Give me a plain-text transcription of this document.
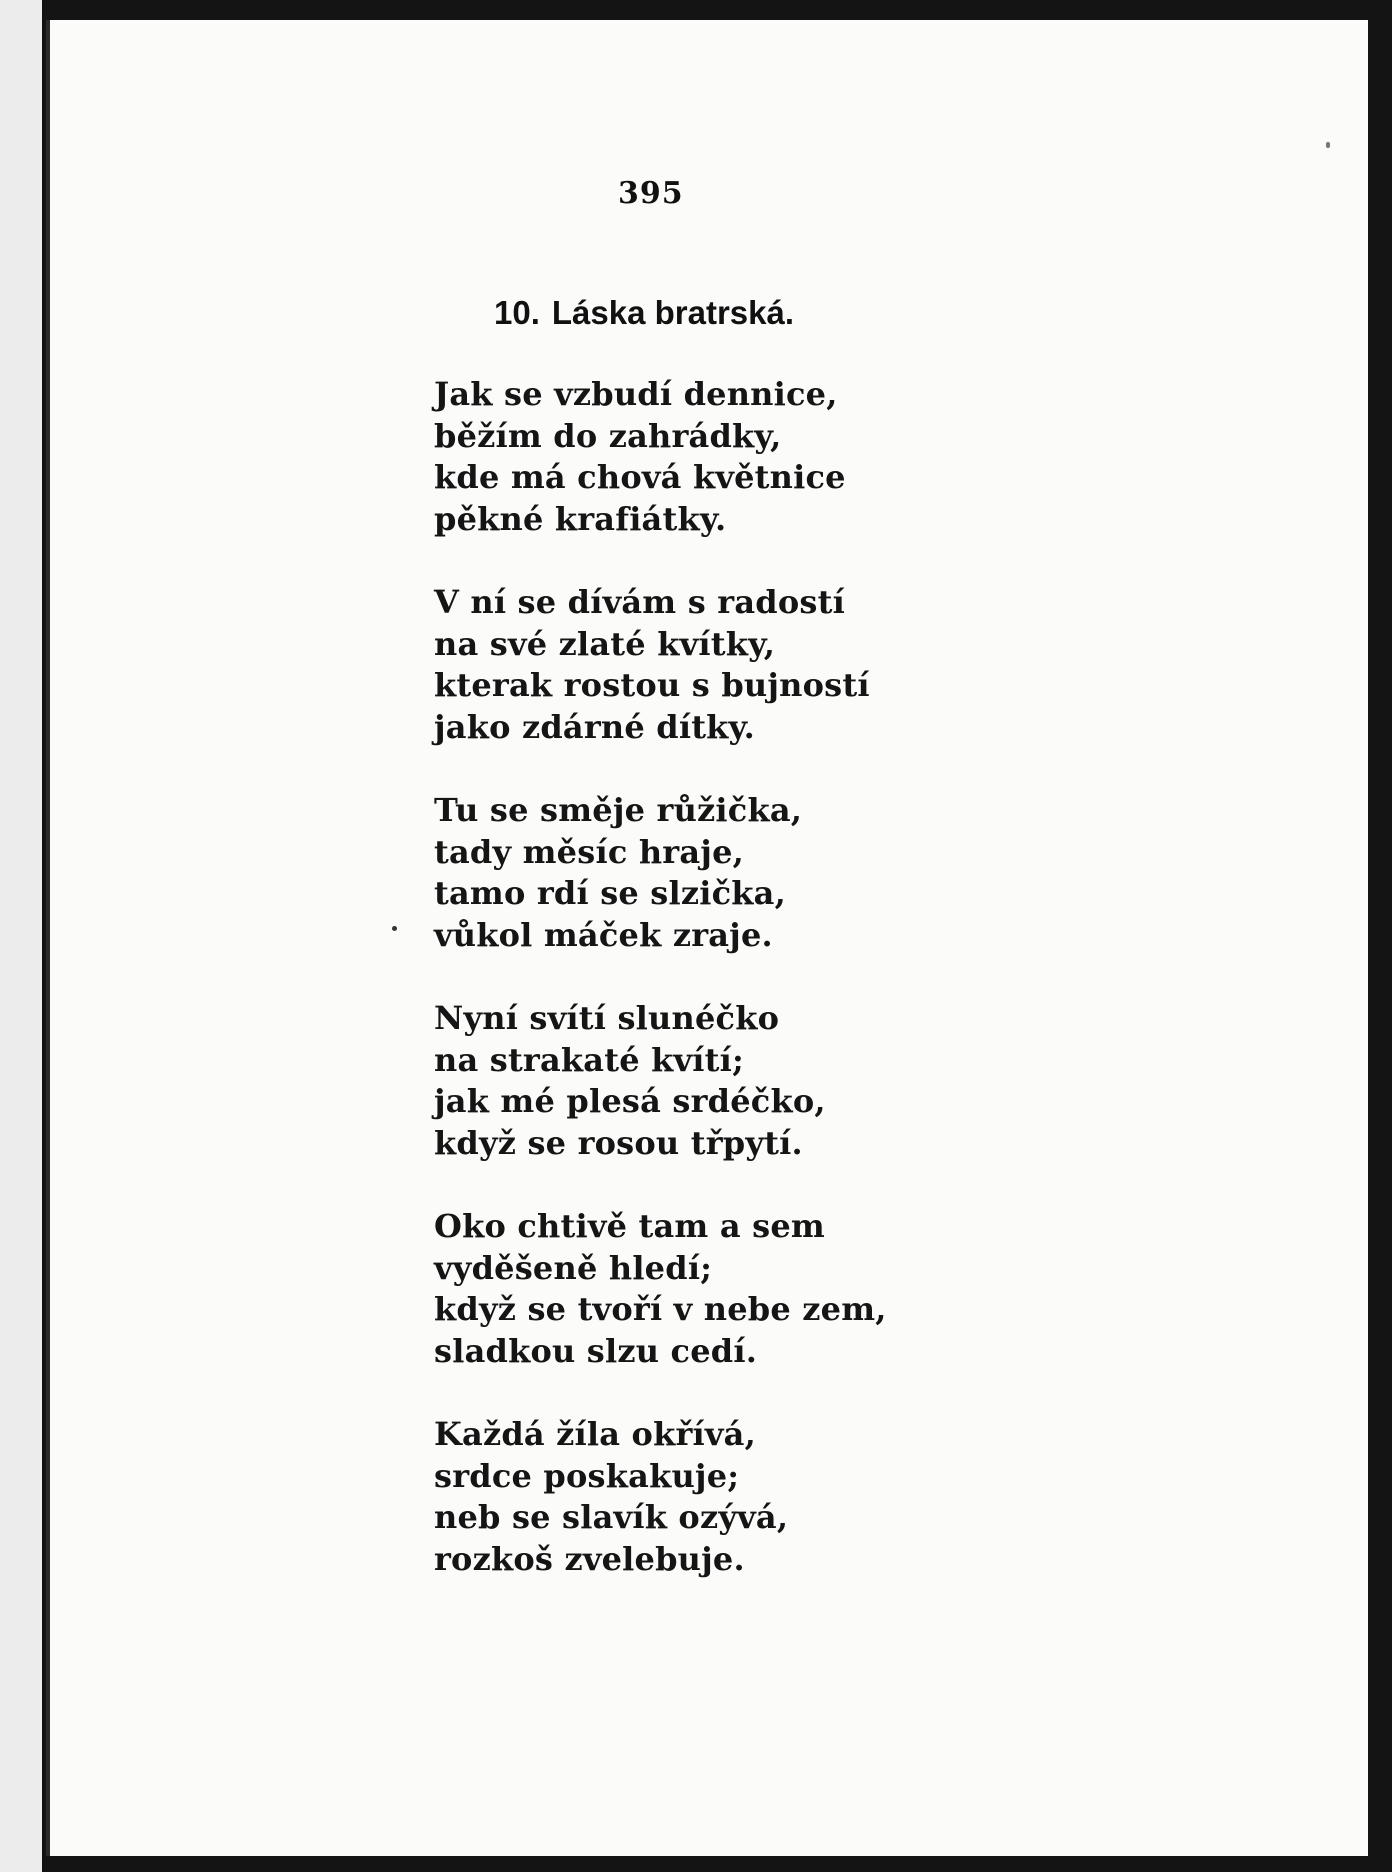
395
10. Láska bratrská.
Jak se vzbudí dennice,
běžím do zahrádky,
kde má chová květnice
pěkné krafiátky.
V ní se dívám s radostí
na své zlaté kvítky,
kterak rostou s bujností
jako zdárné dítky.
Tu se směje růžička,
tady měsíc hraje,
tamo rdí se slzička,
vůkol máček zraje.
Nyní svítí slunéčko
na strakaté kvítí;
jak mé plesá srdéčko,
když se rosou třpytí.
Oko chtivě tam a sem
vyděšeně hledí;
když se tvoří v nebe zem,
sladkou slzu cedí.
Každá žíla okřívá,
srdce poskakuje;
neb se slavík ozývá,
rozkoš zvelebuje.
